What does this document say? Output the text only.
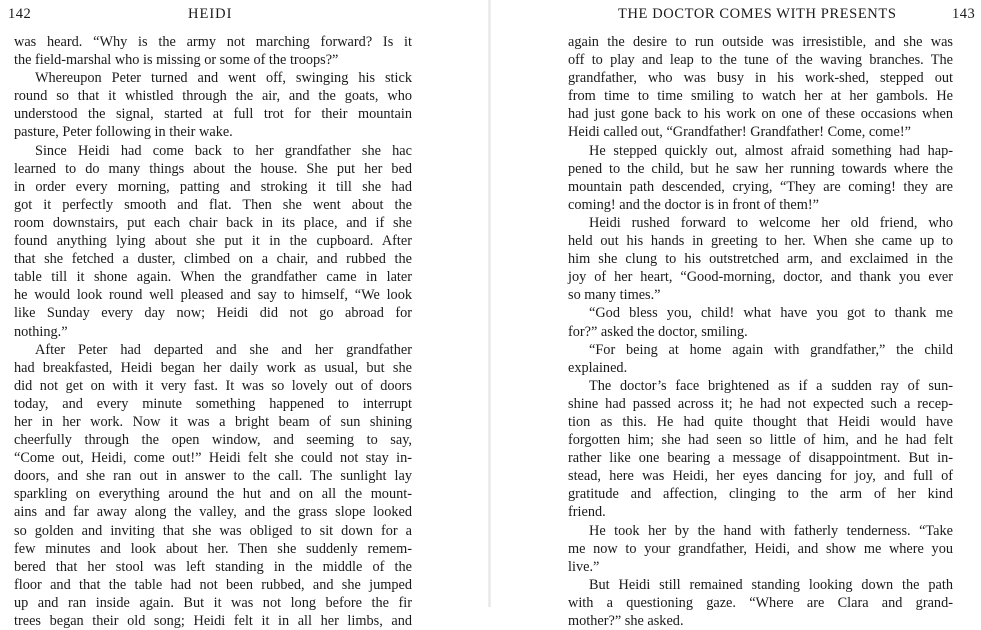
142	HEIDI
was heard. “Why is the army not marching forward? Is it
the field-marshal who is missing or some of the troops?”
Whereupon Peter turned and went off, swinging his stick
round so that it whistled through the air, and the goats, who
understood the signal, started at full trot for their mountain
pasture, Peter following in their wake.
Since Heidi had come back to her grandfather she hac
learned to do many things about the house. She put her bed
in order every morning, patting and stroking it till she had
got it perfectly smooth and flat. Then she went about the
room downstairs, put each chair back in its place, and if she
found anything lying about she put it in the cupboard. After
that she fetched a duster, climbed on a chair, and rubbed the
table till it shone again. When the grandfather came in later
he would look round well pleased and say to himself, “We look
like Sunday every day now; Heidi did not go abroad for
nothing.”
After Peter had departed and she and her grandfather
had breakfasted, Heidi began her daily work as usual, but she
did not get on with it very fast. It was so lovely out of doors
today, and every minute something happened to interrupt
her in her work. Now it was a bright beam of sun shining
cheerfully through the open window, and seeming to say,
“Come out, Heidi, come out!” Heidi felt she could not stay in-
doors, and she ran out in answer to the call. The sunlight lay
sparkling on everything around the hut and on all the mount-
ains and far away along the valley, and the grass slope looked
so golden and inviting that she was obliged to sit down for a
few minutes and look about her. Then she suddenly remem-
bered that her stool was left standing in the middle of the
floor and that the table had not been rubbed, and she jumped
up and ran inside again. But it was not long before the fir
trees began their old song; Heidi felt it in all her limbs, and
THE DOCTOR COMES WITH PRESENTS	143
again the desire to run outside was irresistible, and she was
off to play and leap to the tune of the waving branches. The
grandfather, who was busy in his work-shed, stepped out
from time to time smiling to watch her at her gambols. He
had just gone back to his work on one of these occasions when
Heidi called out, “Grandfather! Grandfather! Come, come!”
He stepped quickly out, almost afraid something had hap-
pened to the child, but he saw her running towards where the
mountain path descended, crying, “They are coming! they are
coming! and the doctor is in front of them!”
Heidi rushed forward to welcome her old friend, who
held out his hands in greeting to her. When she came up to
him she clung to his outstretched arm, and exclaimed in the
joy of her heart, “Good-morning, doctor, and thank you ever
so many times.”
“God bless you, child! what have you got to thank me
for?” asked the doctor, smiling.
“For being at home again with grandfather,” the child
explained.
The doctor’s face brightened as if a sudden ray of sun-
shine had passed across it; he had not expected such a recep-
tion as this. He had quite thought that Heidi would have
forgotten him; she had seen so little of him, and he had felt
rather like one bearing a message of disappointment. But in-
stead, here was Heidi, her eyes dancing for joy, and full of
gratitude and affection, clinging to the arm of her kind
friend.
He took her by the hand with fatherly tenderness. “Take
me now to your grandfather, Heidi, and show me where you
live.”
But Heidi still remained standing looking down the path
with a questioning gaze. “Where are Clara and grand-
mother?” she asked.
